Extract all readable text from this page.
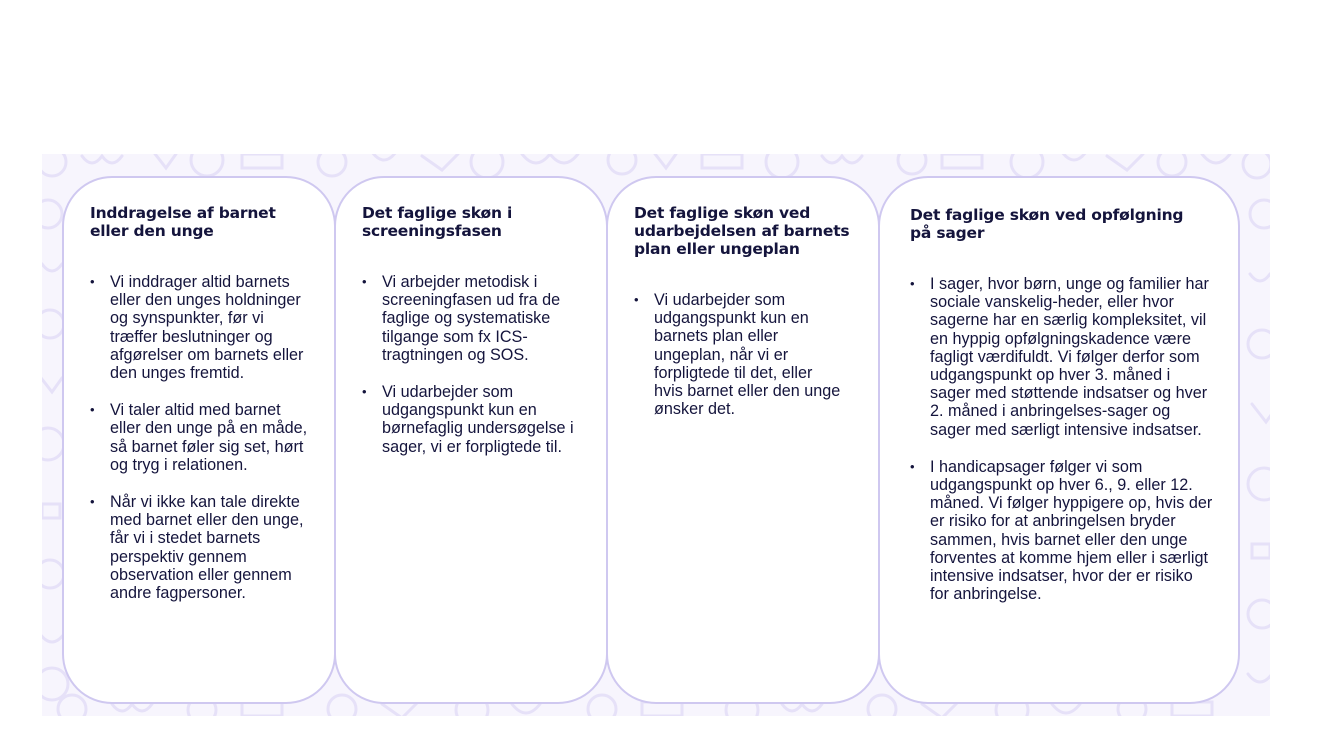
Inddragelse af barnet eller den unge
• Vi inddrager altid barnets eller den unges holdninger og synspunkter, før vi træffer beslutninger og afgørelser om barnets eller den unges fremtid.
• Vi taler altid med barnet eller den unge på en måde, så barnet føler sig set, hørt og tryg i relationen.
• Når vi ikke kan tale direkte med barnet eller den unge, får vi i stedet barnets perspektiv gennem observation eller gennem andre fagpersoner.
Det faglige skøn i screeningsfasen
• Vi arbejder metodisk i screeningfasen ud fra de faglige og systematiske tilgange som fx ICS-tragtningen og SOS.
• Vi udarbejder som udgangspunkt kun en børnefaglig undersøgelse i sager, vi er forpligtede til.
Det faglige skøn ved udarbejdelsen af barnets plan eller ungeplan
• Vi udarbejder som udgangspunkt kun en barnets plan eller ungeplan, når vi er forpligtede til det, eller hvis barnet eller den unge ønsker det.
Det faglige skøn ved opfølgning på sager
• I sager, hvor børn, unge og familier har sociale vanskelig-heder, eller hvor sagerne har en særlig kompleksitet, vil en hyppig opfølgningskadence være fagligt værdifuldt. Vi følger derfor som udgangspunkt op hver 3. måned i sager med støttende indsatser og hver 2. måned i anbringelses-sager og sager med særligt intensive indsatser.
• I handicapsager følger vi som udgangspunkt op hver 6., 9. eller 12. måned. Vi følger hyppigere op, hvis der er risiko for at anbringelsen bryder sammen, hvis barnet eller den unge forventes at komme hjem eller i særligt intensive indsatser, hvor der er risiko for anbringelse.
